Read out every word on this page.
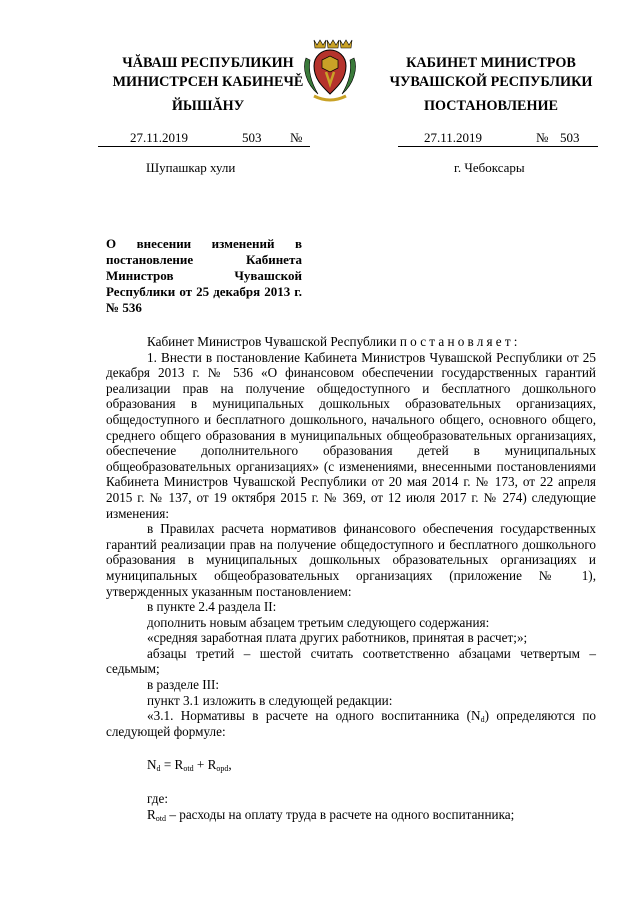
ЧĂВАШ РЕСПУБЛИКИН
МИНИСТРСЕН КАБИНЕЧĚ
ЙЫШĂНУ
КАБИНЕТ МИНИСТРОВ
ЧУВАШСКОЙ РЕСПУБЛИКИ
ПОСТАНОВЛЕНИЕ
27.11.2019	503 №	27.11.2019	№ 503
Шупашкар хули	г. Чебоксары
О внесении изменений в постановление Кабинета Министров Чувашской Республики от 25 декабря 2013 г. № 536

Кабинет Министров Чувашской Республики постановляет:

1. Внести в постановление Кабинета Министров Чувашской Республики от 25 декабря 2013 г. № 536 «О финансовом обеспечении государственных гарантий реализации прав на получение общедоступного и бесплатного дошкольного образования в муниципальных дошкольных образовательных организациях, общедоступного и бесплатного дошкольного, начального общего, основного общего, среднего общего образования в муниципальных общеобразовательных организациях, обеспечение дополнительного образования детей в муниципальных общеобразовательных организациях» (с изменениями, внесенными постановлениями Кабинета Министров Чувашской Республики от 20 мая 2014 г. № 173, от 22 апреля 2015 г. № 137, от 19 октября 2015 г. № 369, от 12 июля 2017 г. № 274) следующие изменения:

в Правилах расчета нормативов финансового обеспечения государственных гарантий реализации прав на получение общедоступного и бесплатного дошкольного образования в муниципальных дошкольных образовательных организациях и муниципальных общеобразовательных организациях (приложение № 1), утвержденных указанным постановлением:

в пункте 2.4 раздела II:

дополнить новым абзацем третьим следующего содержания:

«средняя заработная плата других работников, принятая в расчет;»;

абзацы третий – шестой считать соответственно абзацами четвертым – седьмым;

в разделе III:

пункт 3.1 изложить в следующей редакции:

«3.1. Нормативы в расчете на одного воспитанника $(N_d)$ определяются по следующей формуле:

$N_d = R_{otd} + R_{opd}$,

где:

$R_{otd}$ – расходы на оплату труда в расчете на одного воспитанника;
